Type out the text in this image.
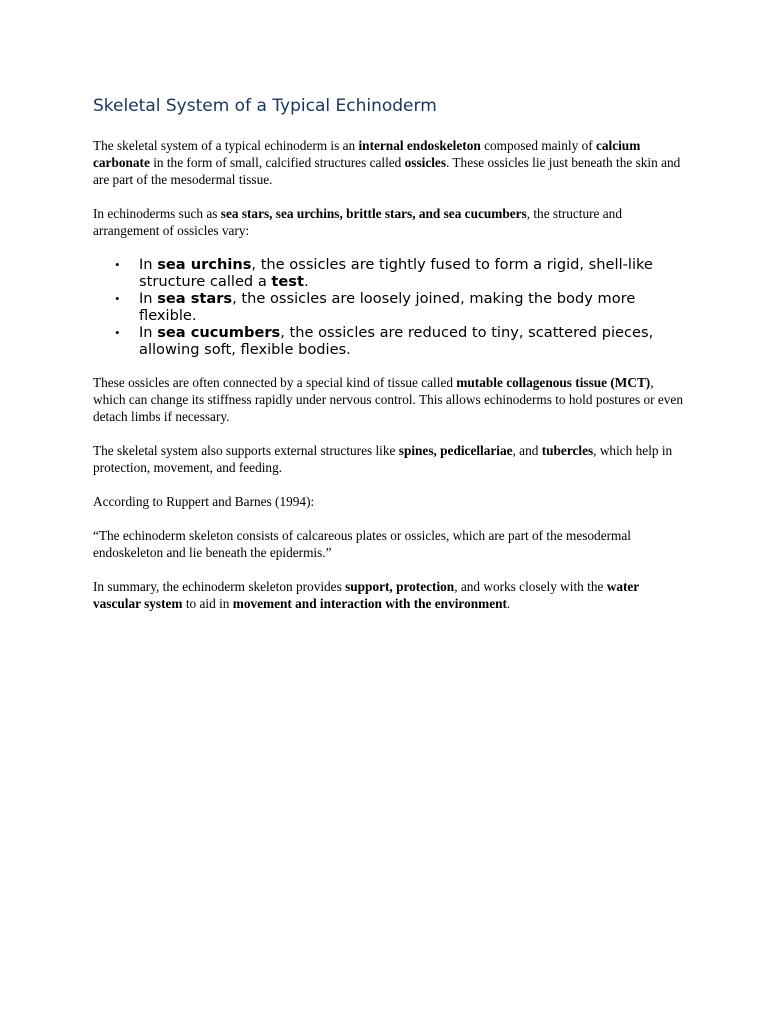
Skeletal System of a Typical Echinoderm

The skeletal system of a typical echinoderm is an internal endoskeleton composed mainly of calcium carbonate in the form of small, calcified structures called ossicles. These ossicles lie just beneath the skin and are part of the mesodermal tissue.

In echinoderms such as sea stars, sea urchins, brittle stars, and sea cucumbers, the structure and arrangement of ossicles vary:

• In sea urchins, the ossicles are tightly fused to form a rigid, shell-like structure called a test.
• In sea stars, the ossicles are loosely joined, making the body more flexible.
• In sea cucumbers, the ossicles are reduced to tiny, scattered pieces, allowing soft, flexible bodies.

These ossicles are often connected by a special kind of tissue called mutable collagenous tissue (MCT), which can change its stiffness rapidly under nervous control. This allows echinoderms to hold postures or even detach limbs if necessary.

The skeletal system also supports external structures like spines, pedicellariae, and tubercles, which help in protection, movement, and feeding.

According to Ruppert and Barnes (1994):

“The echinoderm skeleton consists of calcareous plates or ossicles, which are part of the mesodermal endoskeleton and lie beneath the epidermis.”

In summary, the echinoderm skeleton provides support, protection, and works closely with the water vascular system to aid in movement and interaction with the environment.
